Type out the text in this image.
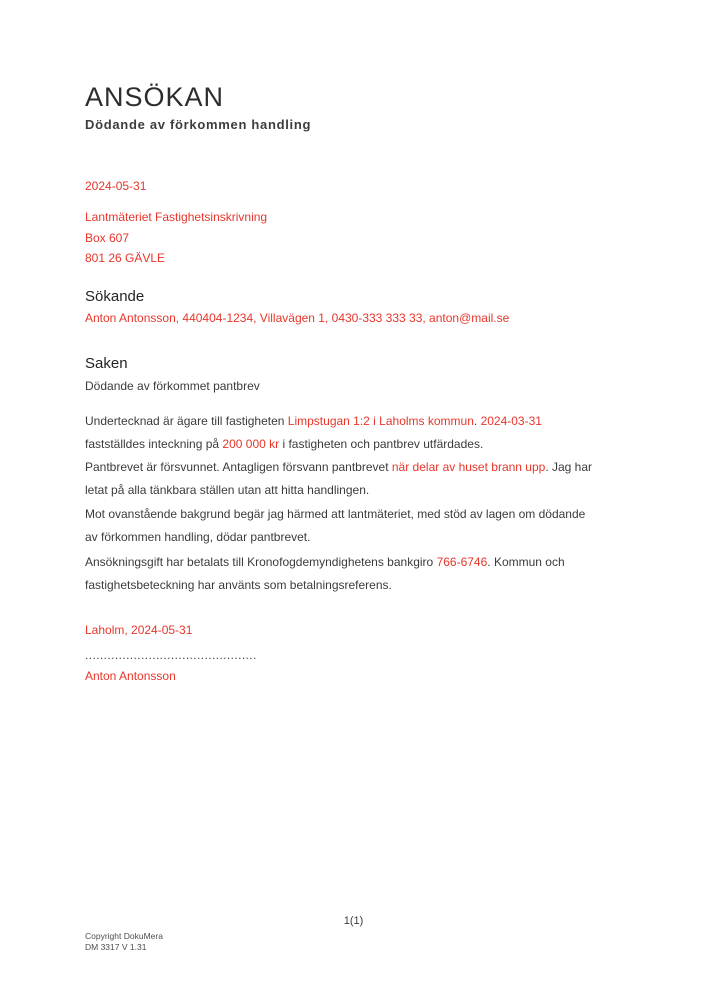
ANSÖKAN
Dödande av förkommen handling
2024-05-31
Lantmäteriet Fastighetsinskrivning
Box 607
801 26 GÄVLE
Sökande
Anton Antonsson, 440404-1234, Villavägen 1, 0430-333 333 33, anton@mail.se
Saken
Dödande av förkommet pantbrev

Undertecknad är ägare till fastigheten Limpstugan 1:2 i Laholms kommun. 2024-03-31
fastställdes inteckning på 200 000 kr i fastigheten och pantbrev utfärdades.

Pantbrevet är försvunnet. Antagligen försvann pantbrevet när delar av huset brann upp. Jag har
letat på alla tänkbara ställen utan att hitta handlingen.

Mot ovanstående bakgrund begär jag härmed att lantmäteriet, med stöd av lagen om dödande
av förkommen handling, dödar pantbrevet.

Ansökningsgift har betalats till Kronofogdemyndighetens bankgiro 766-6746. Kommun och
fastighetsbeteckning har använts som betalningsreferens.

Laholm, 2024-05-31
..............................................
Anton Antonsson
1(1)
Copyright DokuMera
DM 3317 V 1.31
